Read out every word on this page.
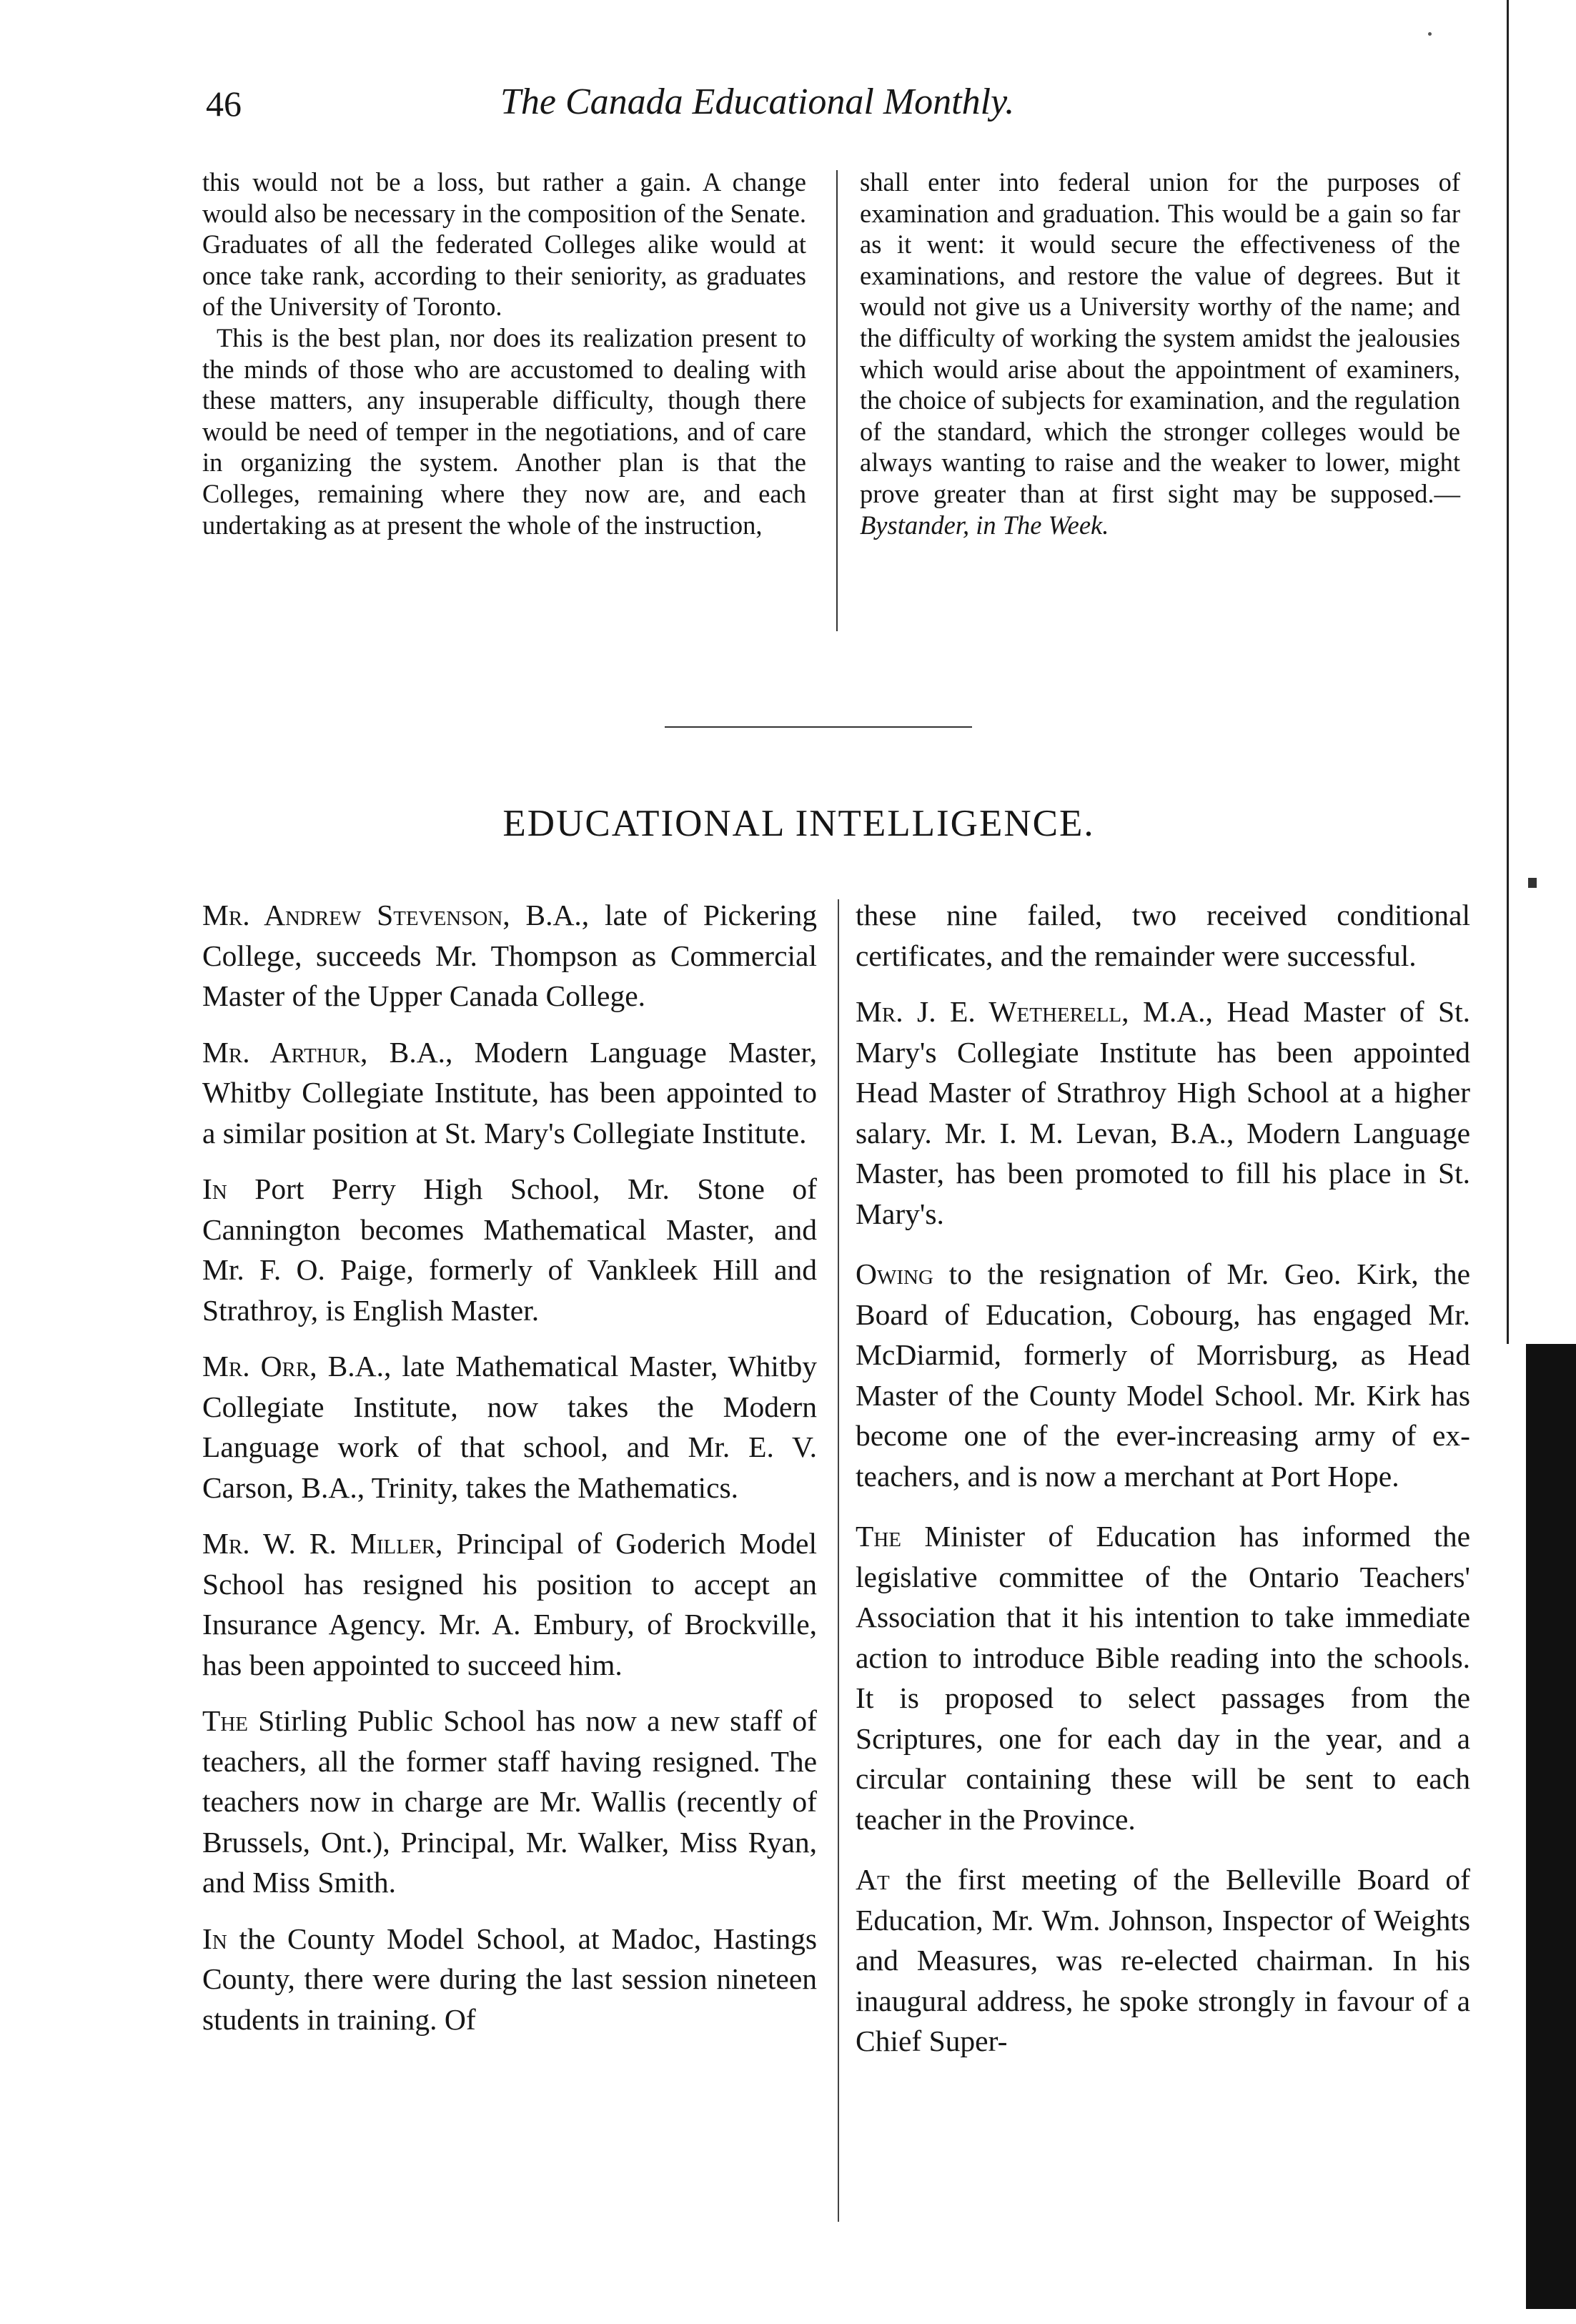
46	The Canada Educational Monthly.

this would not be a loss, but rather a gain. A change would also be necessary in the composition of the Senate. Graduates of all the federated Colleges alike would at once take rank, according to their seniority, as graduates of the University of Toronto.

This is the best plan, nor does its realization present to the minds of those who are accustomed to dealing with these matters, any insuperable difficulty, though there would be need of temper in the negotiations, and of care in organizing the system. Another plan is that the Colleges, remaining where they now are, and each undertaking as at present the whole of the instruction,

shall enter into federal union for the purposes of examination and graduation. This would be a gain so far as it went: it would secure the effectiveness of the examinations, and restore the value of degrees. But it would not give us a University worthy of the name; and the difficulty of working the system amidst the jealousies which would arise about the appointment of examiners, the choice of subjects for examination, and the regulation of the standard, which the stronger colleges would be always wanting to raise and the weaker to lower, might prove greater than at first sight may be supposed.—Bystander, in The Week.

EDUCATIONAL INTELLIGENCE.

Mr. Andrew Stevenson, B.A., late of Pickering College, succeeds Mr. Thompson as Commercial Master of the Upper Canada College.

Mr. Arthur, B.A., Modern Language Master, Whitby Collegiate Institute, has been appointed to a similar position at St. Mary's Collegiate Institute.

In Port Perry High School, Mr. Stone of Cannington becomes Mathematical Master, and Mr. F. O. Paige, formerly of Vankleek Hill and Strathroy, is English Master.

Mr. Orr, B.A., late Mathematical Master, Whitby Collegiate Institute, now takes the Modern Language work of that school, and Mr. E. V. Carson, B.A., Trinity, takes the Mathematics.

Mr. W. R. Miller, Principal of Goderich Model School has resigned his position to accept an Insurance Agency. Mr. A. Embury, of Brockville, has been appointed to succeed him.

The Stirling Public School has now a new staff of teachers, all the former staff having resigned. The teachers now in charge are Mr. Wallis (recently of Brussels, Ont.), Principal, Mr. Walker, Miss Ryan, and Miss Smith.

In the County Model School, at Madoc, Hastings County, there were during the last session nineteen students in training. Of

these nine failed, two received conditional certificates, and the remainder were successful.

Mr. J. E. Wetherell, M.A., Head Master of St. Mary's Collegiate Institute has been appointed Head Master of Strathroy High School at a higher salary. Mr. I. M. Levan, B.A., Modern Language Master, has been promoted to fill his place in St. Mary's.

Owing to the resignation of Mr. Geo. Kirk, the Board of Education, Cobourg, has engaged Mr. McDiarmid, formerly of Morrisburg, as Head Master of the County Model School. Mr. Kirk has become one of the ever-increasing army of ex-teachers, and is now a merchant at Port Hope.

The Minister of Education has informed the legislative committee of the Ontario Teachers' Association that it his intention to take immediate action to introduce Bible reading into the schools. It is proposed to select passages from the Scriptures, one for each day in the year, and a circular containing these will be sent to each teacher in the Province.

At the first meeting of the Belleville Board of Education, Mr. Wm. Johnson, Inspector of Weights and Measures, was re-elected chairman. In his inaugural address, he spoke strongly in favour of a Chief Super-
